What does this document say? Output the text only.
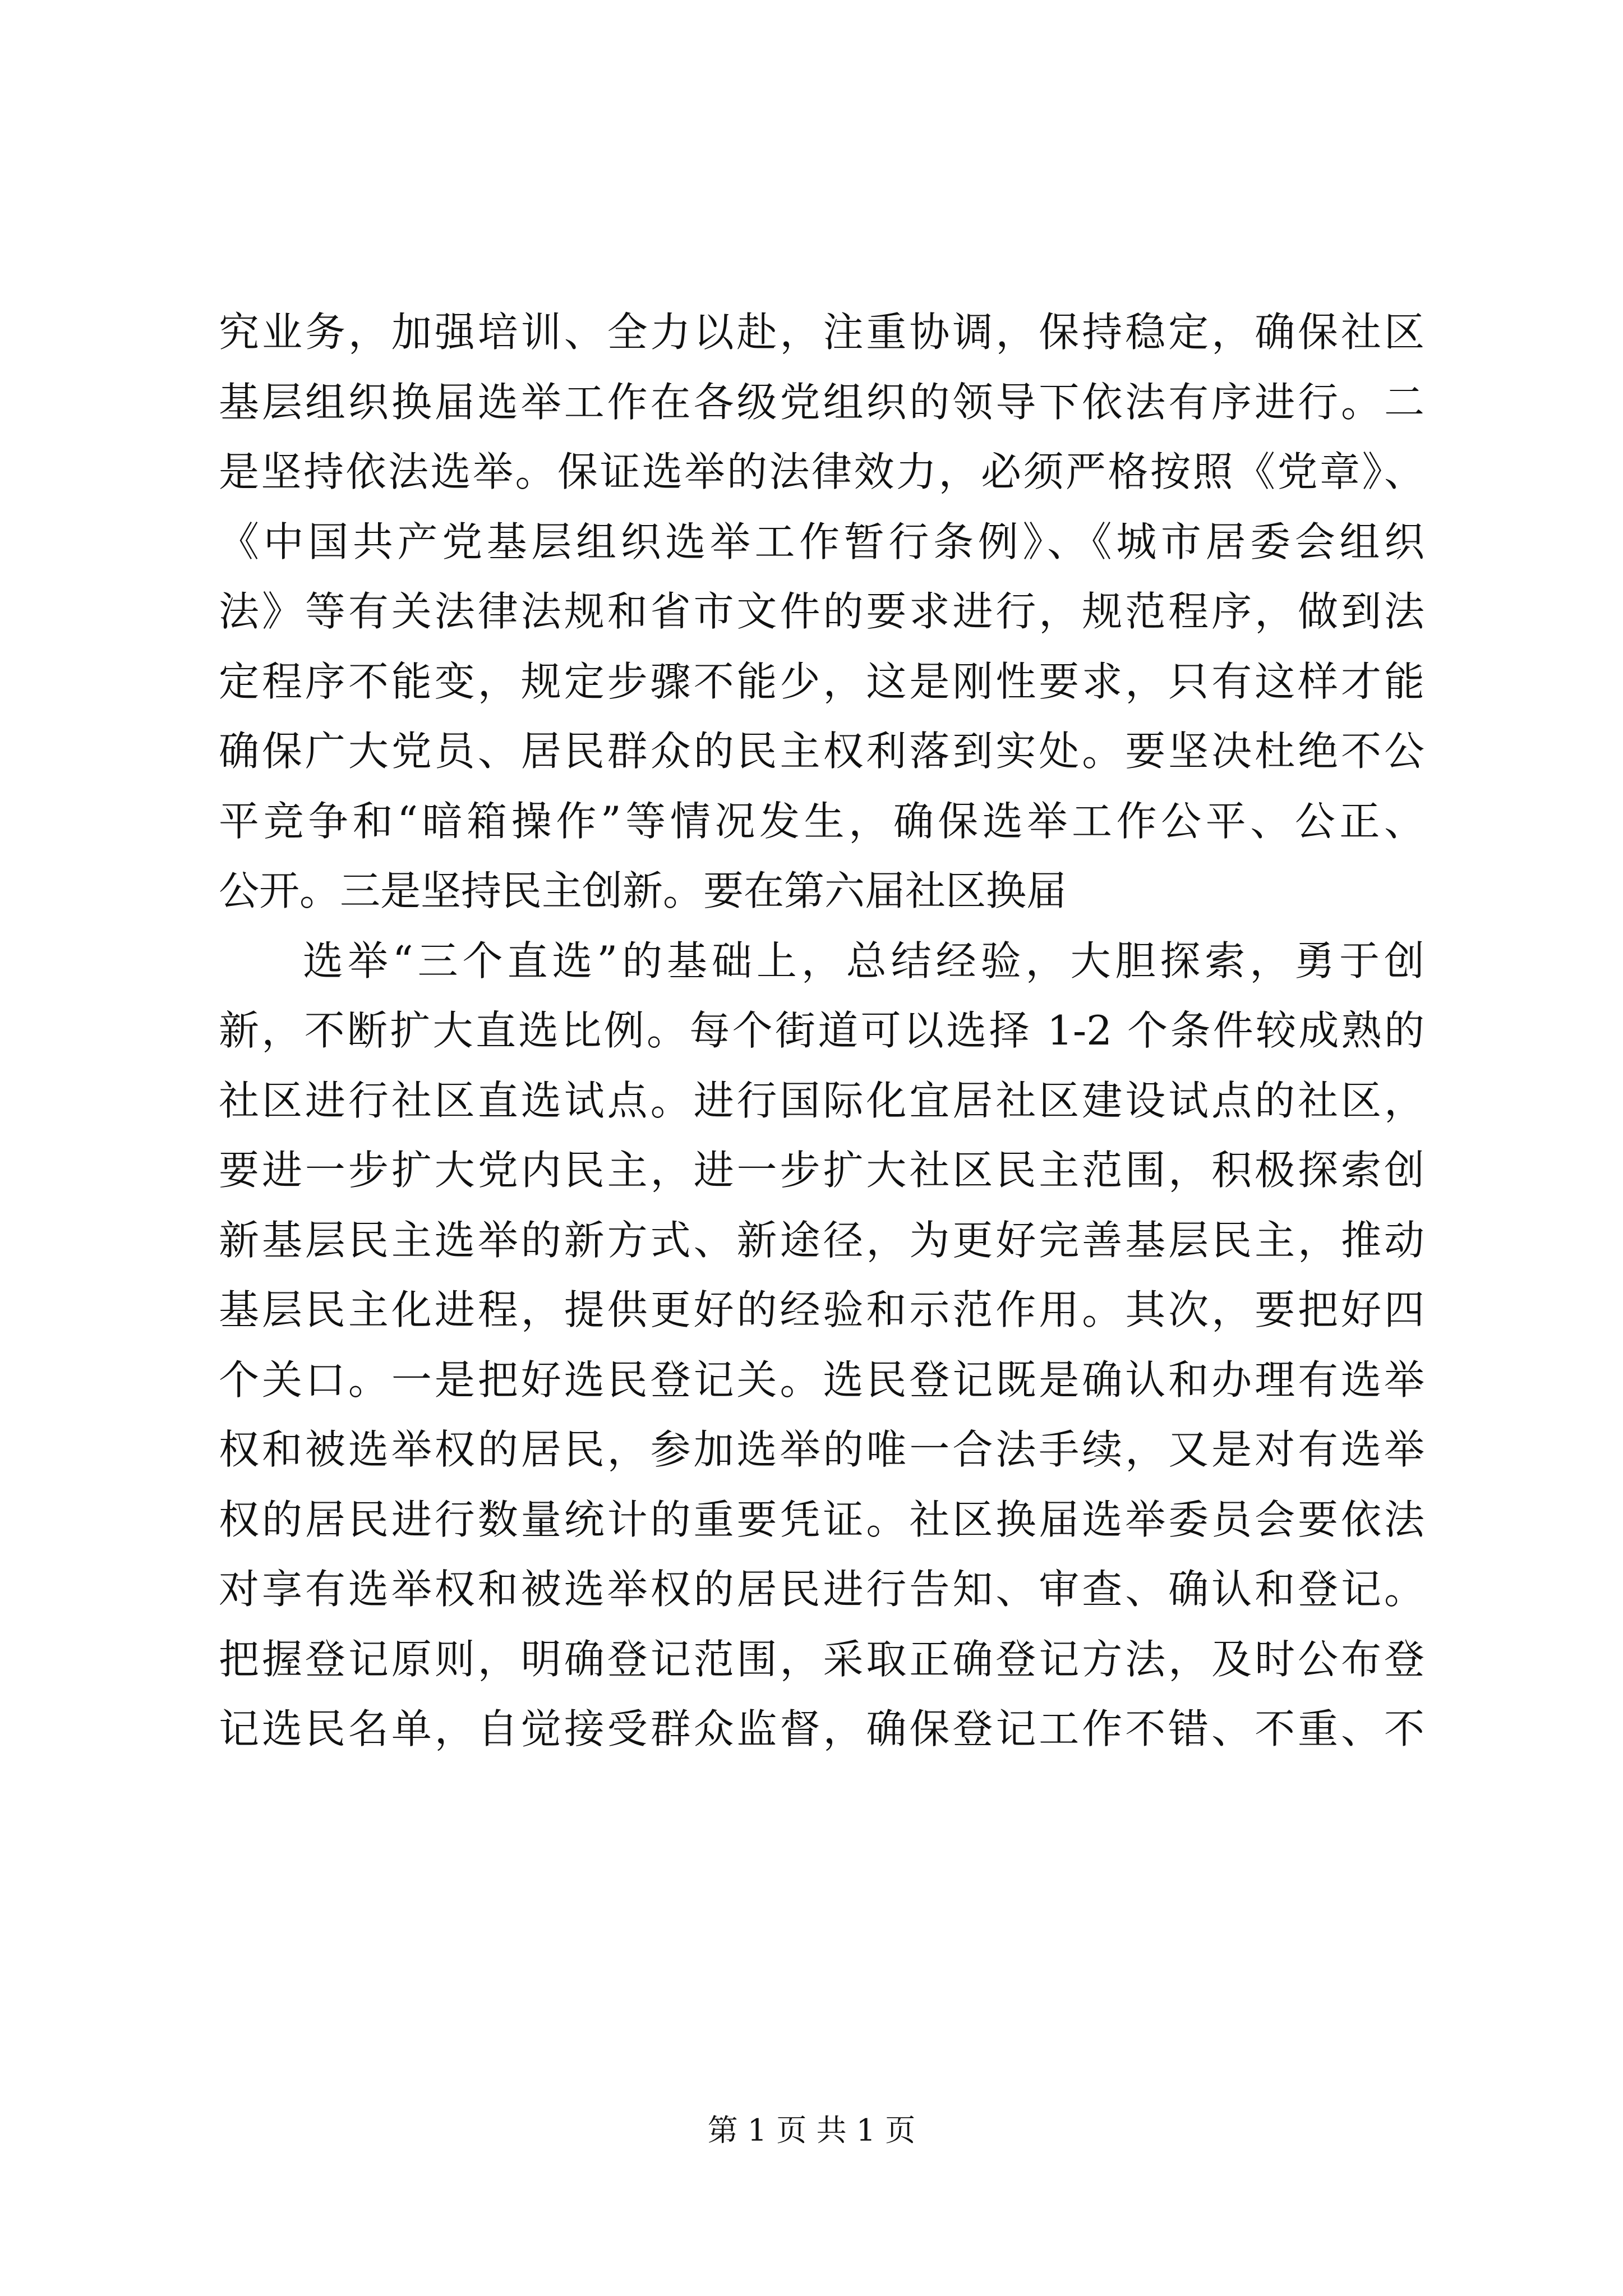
究业务，加强培训、全力以赴，注重协调，保持稳定，确保社区
基层组织换届选举工作在各级党组织的领导下依法有序进行。二
是坚持依法选举。保证选举的法律效力，必须严格按照《党章》、
《中国共产党基层组织选举工作暂行条例》、《城市居委会组织
法》等有关法律法规和省市文件的要求进行，规范程序，做到法
定程序不能变，规定步骤不能少，这是刚性要求，只有这样才能
确保广大党员、居民群众的民主权利落到实处。要坚决杜绝不公
平竞争和“暗箱操作”等情况发生，确保选举工作公平、公正、
公开。三是坚持民主创新。要在第六届社区换届
选举“三个直选”的基础上，总结经验，大胆探索，勇于创
新，不断扩大直选比例。每个街道可以选择 1-2 个条件较成熟的
社区进行社区直选试点。进行国际化宜居社区建设试点的社区，
要进一步扩大党内民主，进一步扩大社区民主范围，积极探索创
新基层民主选举的新方式、新途径，为更好完善基层民主，推动
基层民主化进程，提供更好的经验和示范作用。其次，要把好四
个关口。一是把好选民登记关。选民登记既是确认和办理有选举
权和被选举权的居民，参加选举的唯一合法手续，又是对有选举
权的居民进行数量统计的重要凭证。社区换届选举委员会要依法
对享有选举权和被选举权的居民进行告知、审查、确认和登记。
把握登记原则，明确登记范围，采取正确登记方法，及时公布登
记选民名单，自觉接受群众监督，确保登记工作不错、不重、不
第 1 页 共 1 页
